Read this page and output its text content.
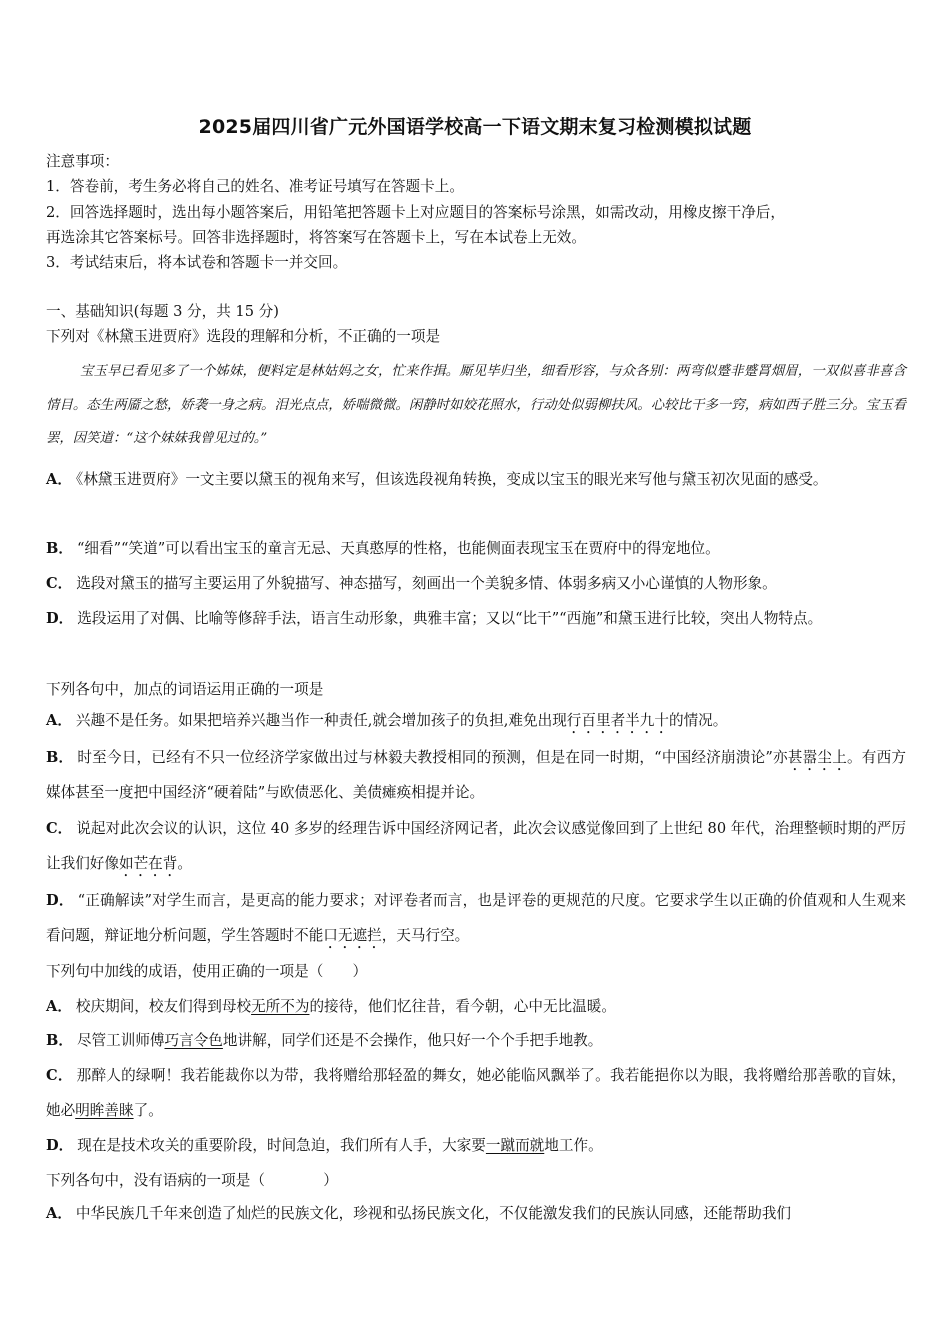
2025届四川省广元外国语学校高一下语文期末复习检测模拟试题
注意事项：
1．答卷前，考生务必将自己的姓名、准考证号填写在答题卡上。
2．回答选择题时，选出每小题答案后，用铅笔把答题卡上对应题目的答案标号涂黑，如需改动，用橡皮擦干净后，
再选涂其它答案标号。回答非选择题时，将答案写在答题卡上，写在本试卷上无效。
3．考试结束后，将本试卷和答题卡一并交回。
一、基础知识(每题 3 分，共 15 分)
下列对《林黛玉进贾府》选段的理解和分析，不正确的一项是
宝玉早已看见多了一个姊妹，便料定是林姑妈之女，忙来作揖。厮见毕归坐，细看形容，与众各别：两弯似蹙非蹙罥烟眉，一双似喜非喜含情目。态生两靥之愁，娇袭一身之病。泪光点点，娇喘微微。闲静时如姣花照水，行动处似弱柳扶风。心较比干多一窍，病如西子胜三分。宝玉看罢，因笑道：“这个妹妹我曾见过的。”
A． 《林黛玉进贾府》一文主要以黛玉的视角来写，但该选段视角转换，变成以宝玉的眼光来写他与黛玉初次见面的感受。
B． “细看”“笑道”可以看出宝玉的童言无忌、天真憨厚的性格，也能侧面表现宝玉在贾府中的得宠地位。
C． 选段对黛玉的描写主要运用了外貌描写、神态描写，刻画出一个美貌多情、体弱多病又小心谨慎的人物形象。
D． 选段运用了对偶、比喻等修辞手法，语言生动形象，典雅丰富；又以“比干”“西施”和黛玉进行比较，突出人物特点。
下列各句中，加点的词语运用正确的一项是
A． 兴趣不是任务。如果把培养兴趣当作一种责任,就会增加孩子的负担,难免出现行百里者半九十的情况。
B． 时至今日，已经有不只一位经济学家做出过与林毅夫教授相同的预测，但是在同一时期，“中国经济崩溃论”亦甚嚣尘上。有西方媒体甚至一度把中国经济“硬着陆”与欧债恶化、美债瘫痪相提并论。
C． 说起对此次会议的认识，这位 40 多岁的经理告诉中国经济网记者，此次会议感觉像回到了上世纪 80 年代，治理整顿时期的严厉让我们好像如芒在背。
D． “正确解读”对学生而言，是更高的能力要求；对评卷者而言，也是评卷的更规范的尺度。它要求学生以正确的价值观和人生观来看问题，辩证地分析问题，学生答题时不能口无遮拦，天马行空。
下列句中加线的成语，使用正确的一项是（　　）
A． 校庆期间，校友们得到母校无所不为的接待，他们忆往昔，看今朝，心中无比温暖。
B． 尽管工训师傅巧言令色地讲解，同学们还是不会操作，他只好一个个手把手地教。
C． 那醉人的绿啊！我若能裁你以为带，我将赠给那轻盈的舞女，她必能临风飘举了。我若能挹你以为眼，我将赠给那善歌的盲妹，她必明眸善睐了。
D． 现在是技术攻关的重要阶段，时间急迫，我们所有人手，大家要一蹴而就地工作。
下列各句中，没有语病的一项是（　　　　）
A． 中华民族几千年来创造了灿烂的民族文化，珍视和弘扬民族文化，不仅能激发我们的民族认同感，还能帮助我们
